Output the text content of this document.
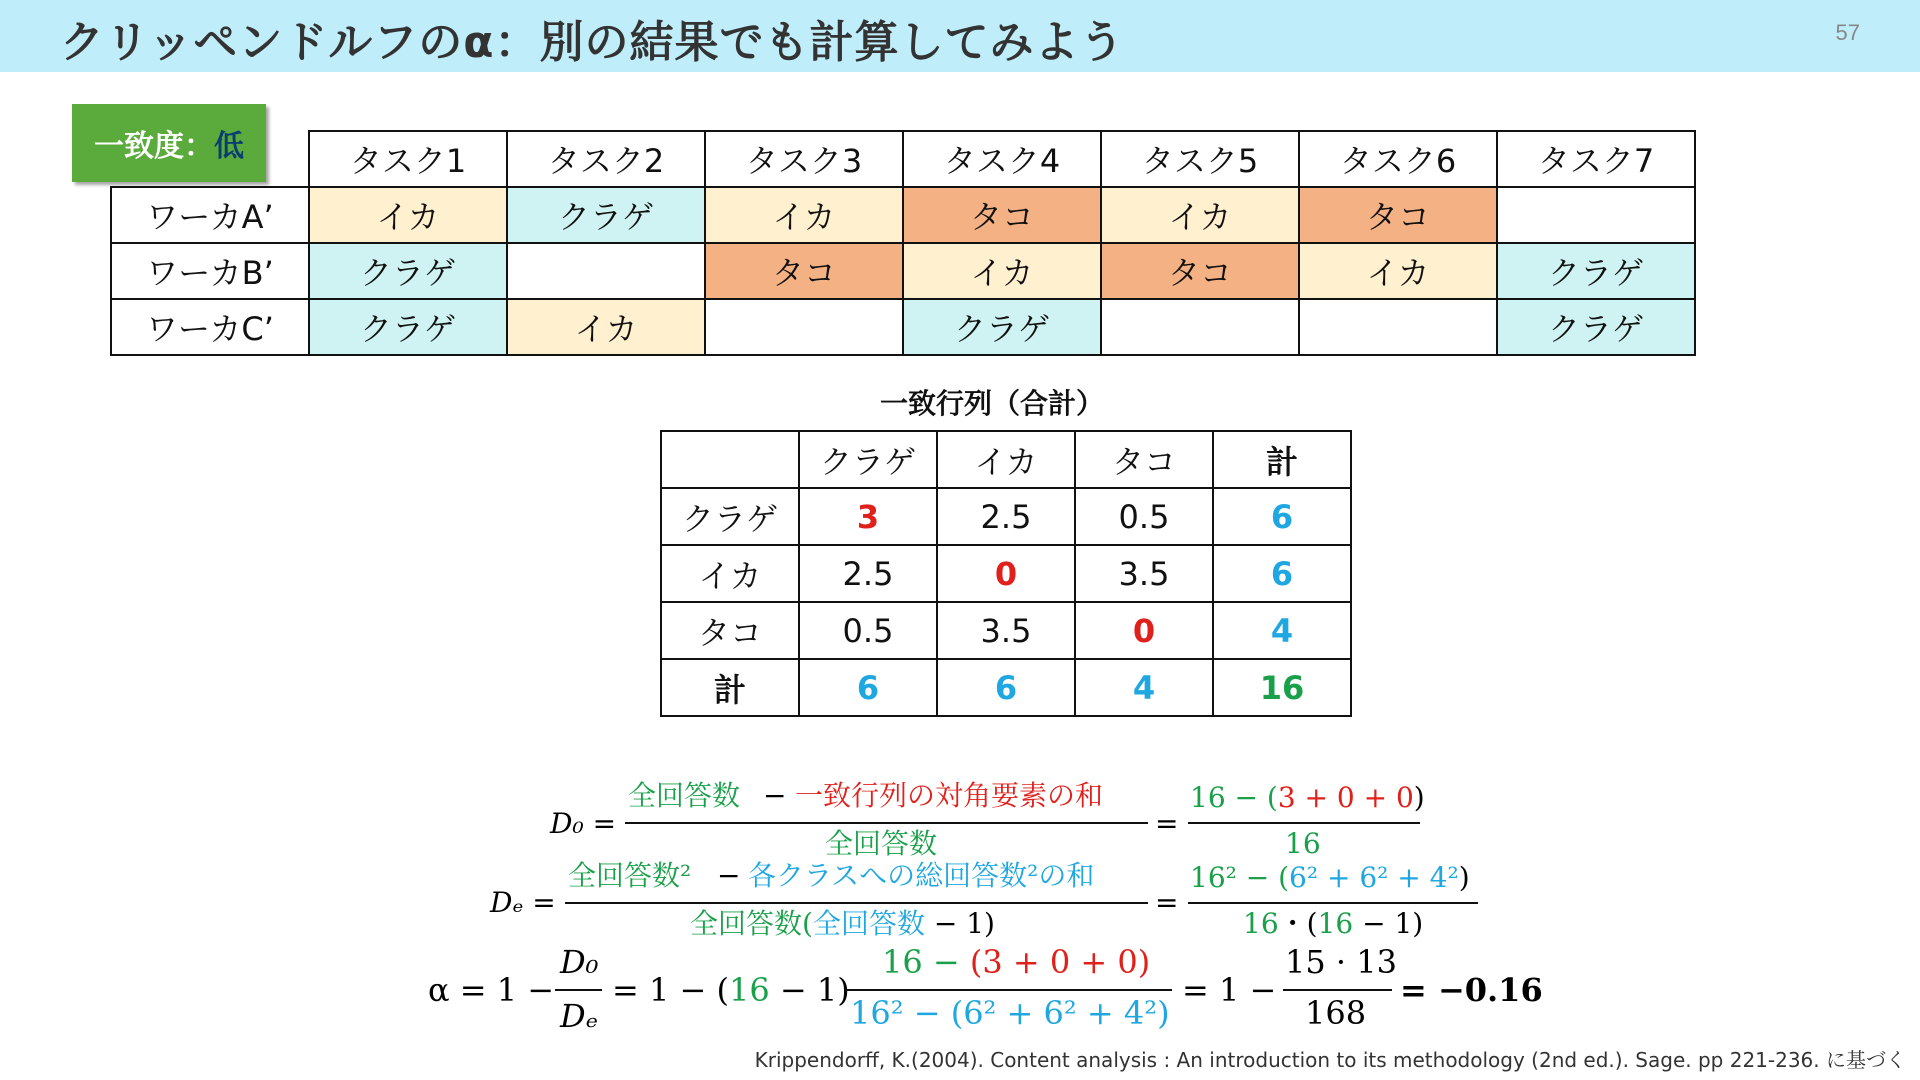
クリッペンドルフのα：別の結果でも計算してみよう	57
一致度： 低
		タスク1	タスク2	タスク3	タスク4	タスク5	タスク6	タスク7
ワーカA’	イカ	クラゲ	イカ	タコ	イカ	タコ	
ワーカB’	クラゲ		タコ	イカ	タコ	イカ	クラゲ
ワーカC’	クラゲ	イカ		クラゲ			クラゲ
一致行列（合計）
	クラゲ	イカ	タコ	計
クラゲ	3	2.5	0.5	6
イカ	2.5	0	3.5	6
タコ	0.5	3.5	0	4
計	6	6	4	16
D₀ =
全回答数 − 一致行列の対角要素の和
全回答数
=
16 − (3 + 0 + 0)
16
Dₑ =
全回答数² − 各クラスへの総回答数²の和
全回答数(全回答数 − 1)
=
16² − (6² + 6² + 4²)
16・(16 − 1)
α = 1 −
D₀
Dₑ
= 1 − (16 − 1)
16 − (3 + 0 + 0)
16² − (6² + 6² + 4²)
= 1 −
15 · 13
168
= −0.16
Krippendorff, K.(2004). Content analysis : An introduction to its methodology (2nd ed.). Sage. pp 221-236. に基づく
